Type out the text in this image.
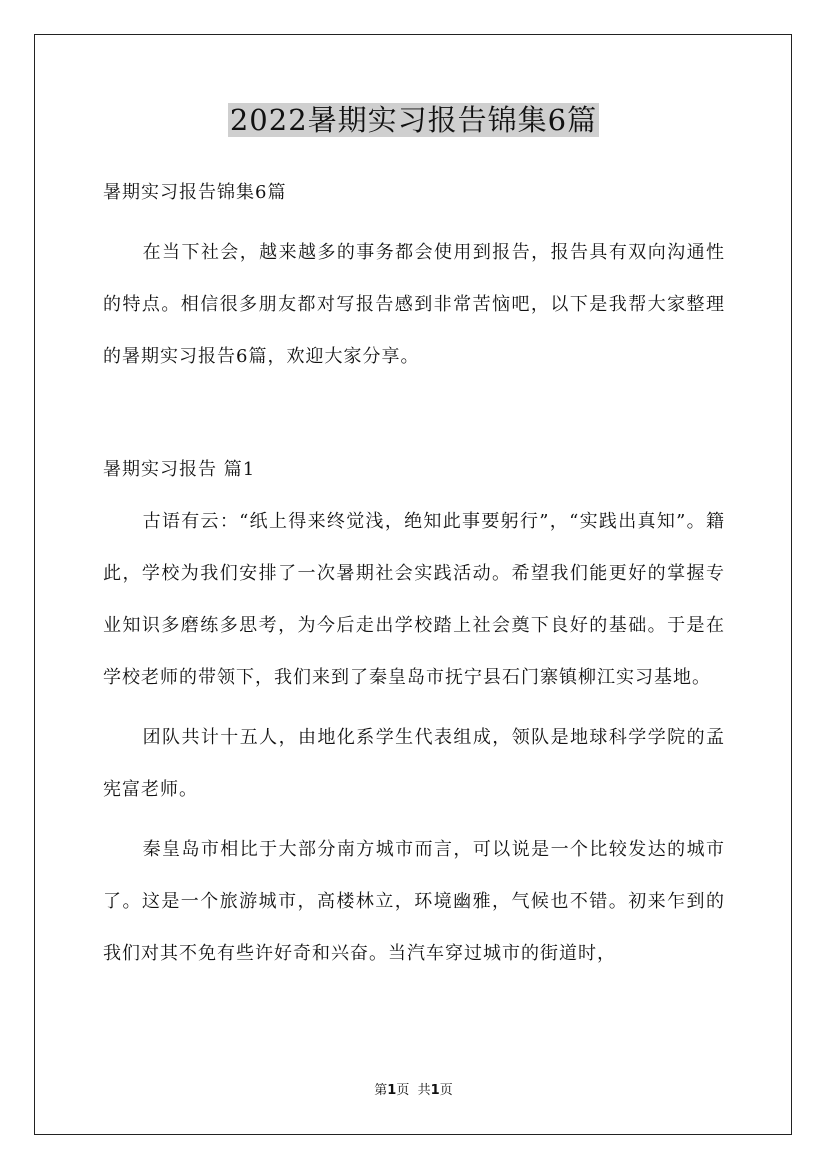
2022暑期实习报告锦集6篇
暑期实习报告锦集6篇

在当下社会，越来越多的事务都会使用到报告，报告具有双向沟通性的特点。相信很多朋友都对写报告感到非常苦恼吧，以下是我帮大家整理的暑期实习报告6篇，欢迎大家分享。

暑期实习报告 篇1

古语有云：“纸上得来终觉浅，绝知此事要躬行”，“实践出真知”。籍此，学校为我们安排了一次暑期社会实践活动。希望我们能更好的掌握专业知识多磨练多思考，为今后走出学校踏上社会奠下良好的基础。于是在学校老师的带领下，我们来到了秦皇岛市抚宁县石门寨镇柳江实习基地。

团队共计十五人，由地化系学生代表组成，领队是地球科学学院的孟宪富老师。

秦皇岛市相比于大部分南方城市而言，可以说是一个比较发达的城市了。这是一个旅游城市，高楼林立，环境幽雅，气候也不错。初来乍到的我们对其不免有些许好奇和兴奋。当汽车穿过城市的街道时，

第1页 共1页
